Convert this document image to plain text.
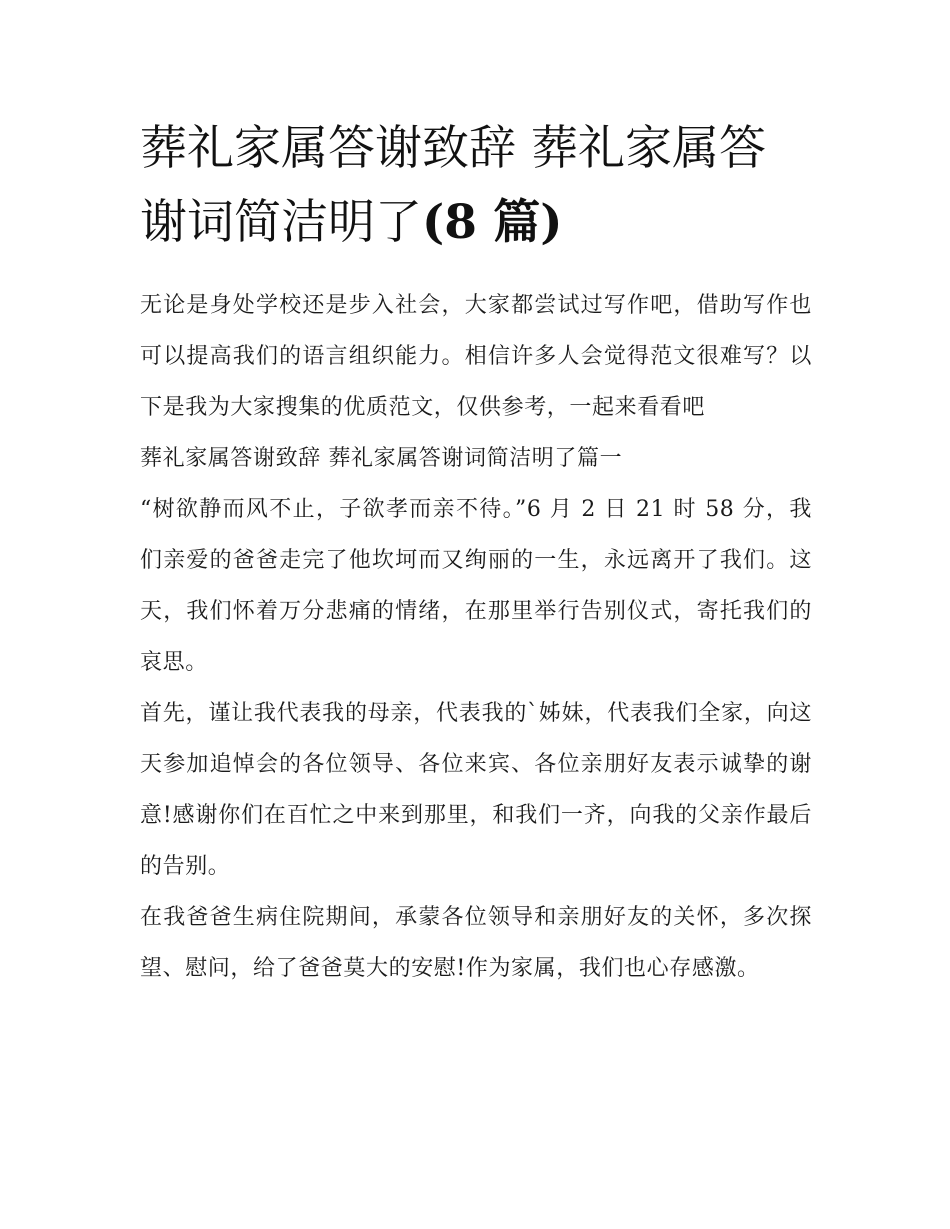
葬礼家属答谢致辞 葬礼家属答谢词简洁明了(8 篇)

无论是身处学校还是步入社会，大家都尝试过写作吧，借助写作也可以提高我们的语言组织能力。相信许多人会觉得范文很难写？以下是我为大家搜集的优质范文，仅供参考，一起来看看吧

葬礼家属答谢致辞 葬礼家属答谢词简洁明了篇一

“树欲静而风不止，子欲孝而亲不待。”6 月 2 日 21 时 58 分，我们亲爱的爸爸走完了他坎坷而又绚丽的一生，永远离开了我们。这天，我们怀着万分悲痛的情绪，在那里举行告别仪式，寄托我们的哀思。

首先，谨让我代表我的母亲，代表我的`姊妹，代表我们全家，向这天参加追悼会的各位领导、各位来宾、各位亲朋好友表示诚挚的谢意!感谢你们在百忙之中来到那里，和我们一齐，向我的父亲作最后的告别。

在我爸爸生病住院期间，承蒙各位领导和亲朋好友的关怀，多次探望、慰问，给了爸爸莫大的安慰!作为家属，我们也心存感激。
